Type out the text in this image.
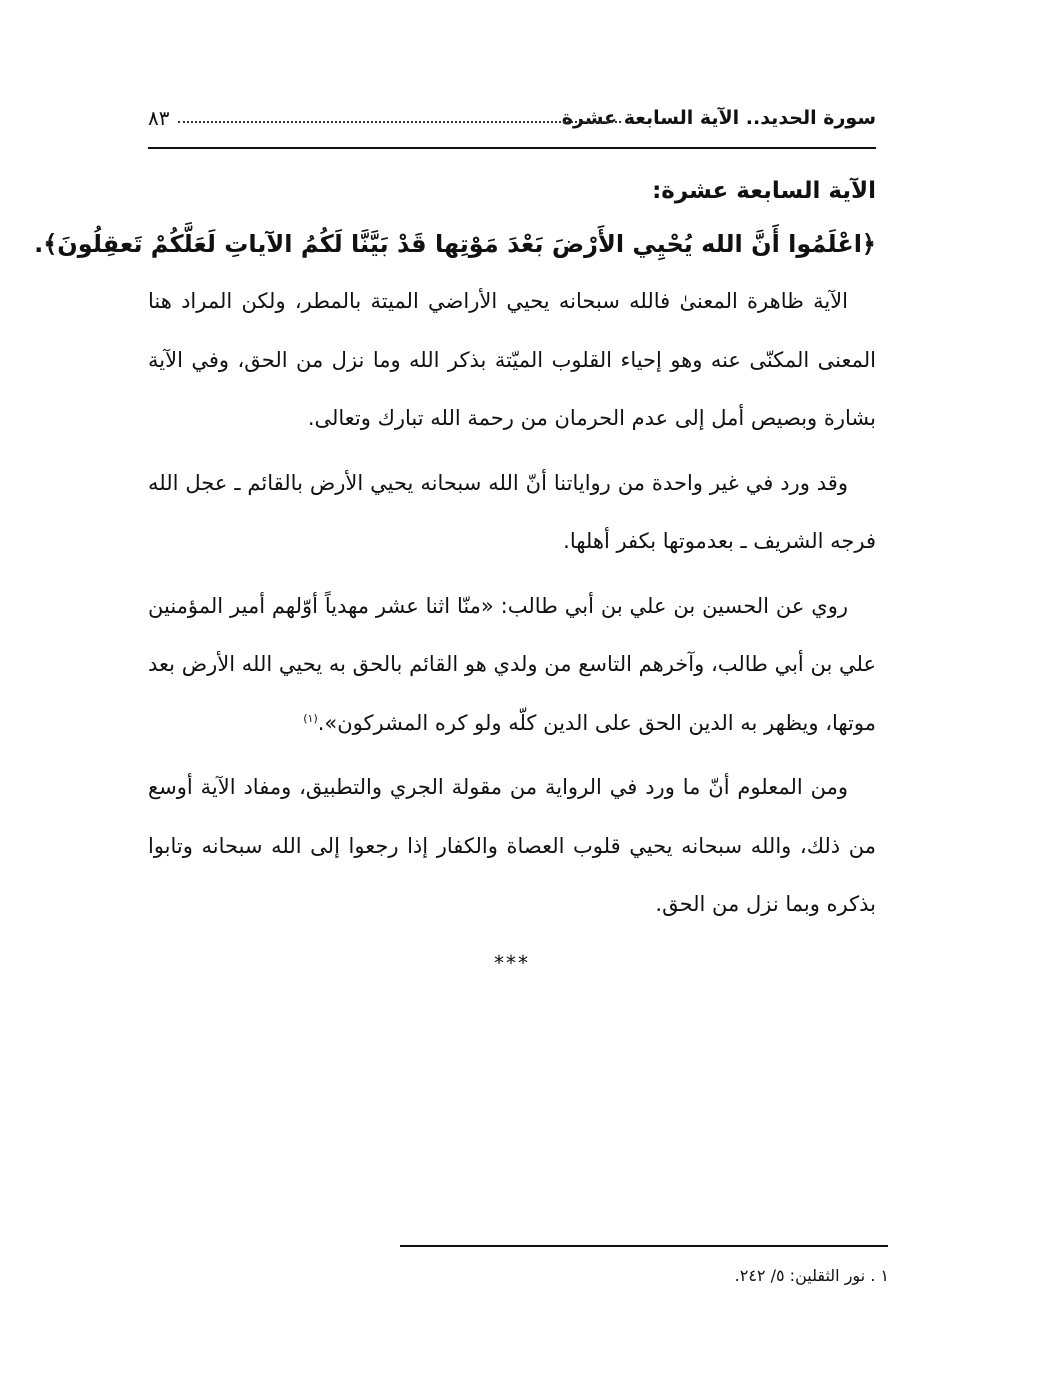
سورة الحديد.. الآية السابعة عشرة
٨٣

الآية السابعة عشرة:

﴿اعْلَمُوا أَنَّ الله يُحْيِي الأَرْضَ بَعْدَ مَوْتِها قَدْ بَيَّنَّا لَكُمُ الآياتِ لَعَلَّكُمْ تَعقِلُونَ﴾.

الآية ظاهرة المعنىٰ فالله سبحانه يحيي الأراضي الميتة بالمطر، ولكن المراد هنا المعنى المكنّى عنه وهو إحياء القلوب الميّتة بذكر الله وما نزل من الحق، وفي الآية بشارة وبصيص أمل إلى عدم الحرمان من رحمة الله تبارك وتعالى.

وقد ورد في غير واحدة من رواياتنا أنّ الله سبحانه يحيي الأرض بالقائم ـ عجل الله فرجه الشريف ـ بعدموتها بكفر أهلها.

روي عن الحسين بن علي بن أبي طالب: «منّا اثنا عشر مهدياً أوّلهم أمير المؤمنين علي بن أبي طالب، وآخرهم التاسع من ولدي هو القائم بالحق به يحيي الله الأرض بعد موتها، ويظهر به الدين الحق على الدين كلّه ولو كره المشركون».$^{(١)}$

ومن المعلوم أنّ ما ورد في الرواية من مقولة الجري والتطبيق، ومفاد الآية أوسع من ذلك، والله سبحانه يحيي قلوب العصاة والكفار إذا رجعوا إلى الله سبحانه وتابوا بذكره وبما نزل من الحق.

***
١ . نور الثقلين: ٥/ ٢٤٢.
